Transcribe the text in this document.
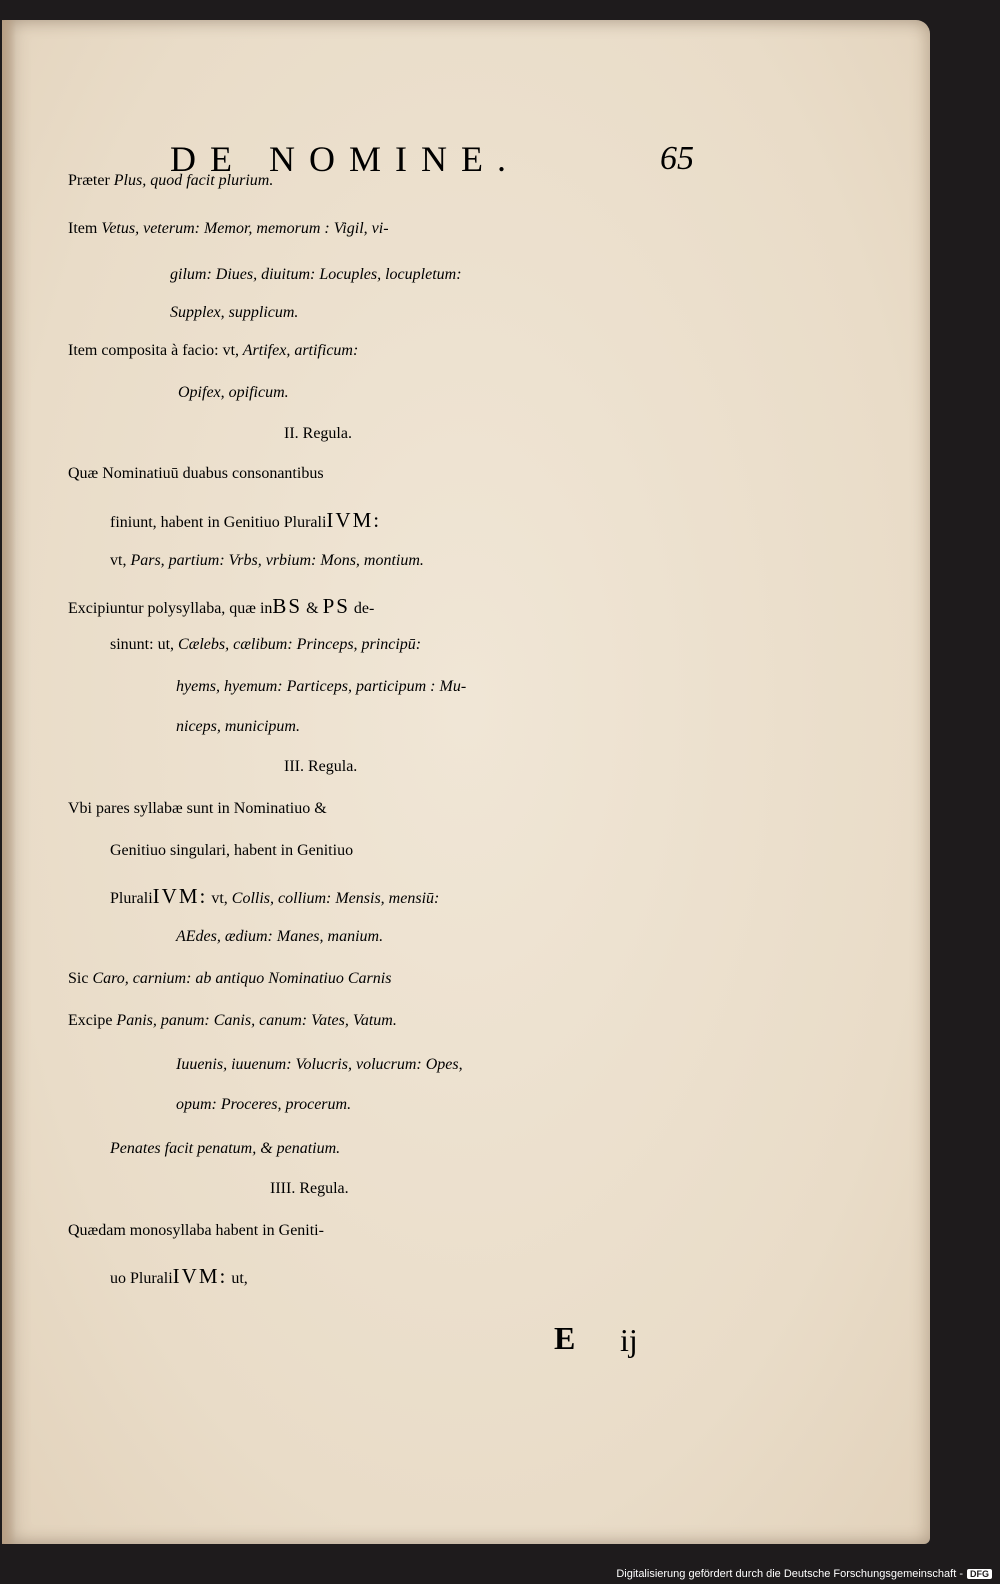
DE NOMINE.	65
Præter Plus, quod facit plurium.
Item Vetus, veterum: Memor, memorum : Vigil, vi-
gilum: Diues, diuitum: Locuples, locupletum:
Supplex, supplicum.
Item composita à facio: vt, Artifex, artificum:
Opifex, opificum.
II. Regula.
Quæ Nominatiuū duabus consonantibus
finiunt, habent in Genitiuo PluraliIVM:
vt, Pars, partium: Vrbs, vrbium: Mons, montium.
Excipiuntur polysyllaba, quæ inBS & PS de-
sinunt: ut, Cælebs, cælibum: Princeps, principū:
hyems, hyemum: Particeps, participum : Mu-
niceps, municipum.
III. Regula.
Vbi pares syllabæ sunt in Nominatiuo &
Genitiuo singulari, habent in Genitiuo
PluraliIVM: vt, Collis, collium: Mensis, mensiū:
AEdes, ædium: Manes, manium.
Sic Caro, carnium: ab antiquo Nominatiuo Carnis
Excipe Panis, panum: Canis, canum: Vates, Vatum.
Iuuenis, iuuenum: Volucris, volucrum: Opes,
opum: Proceres, procerum.
Penates facit penatum, & penatium.
IIII. Regula.
Quædam monosyllaba habent in Geniti-
uo PluraliIVM: ut,
E ij
Digitalisierung gefördert durch die Deutsche Forschungsgemeinschaft - DFG
